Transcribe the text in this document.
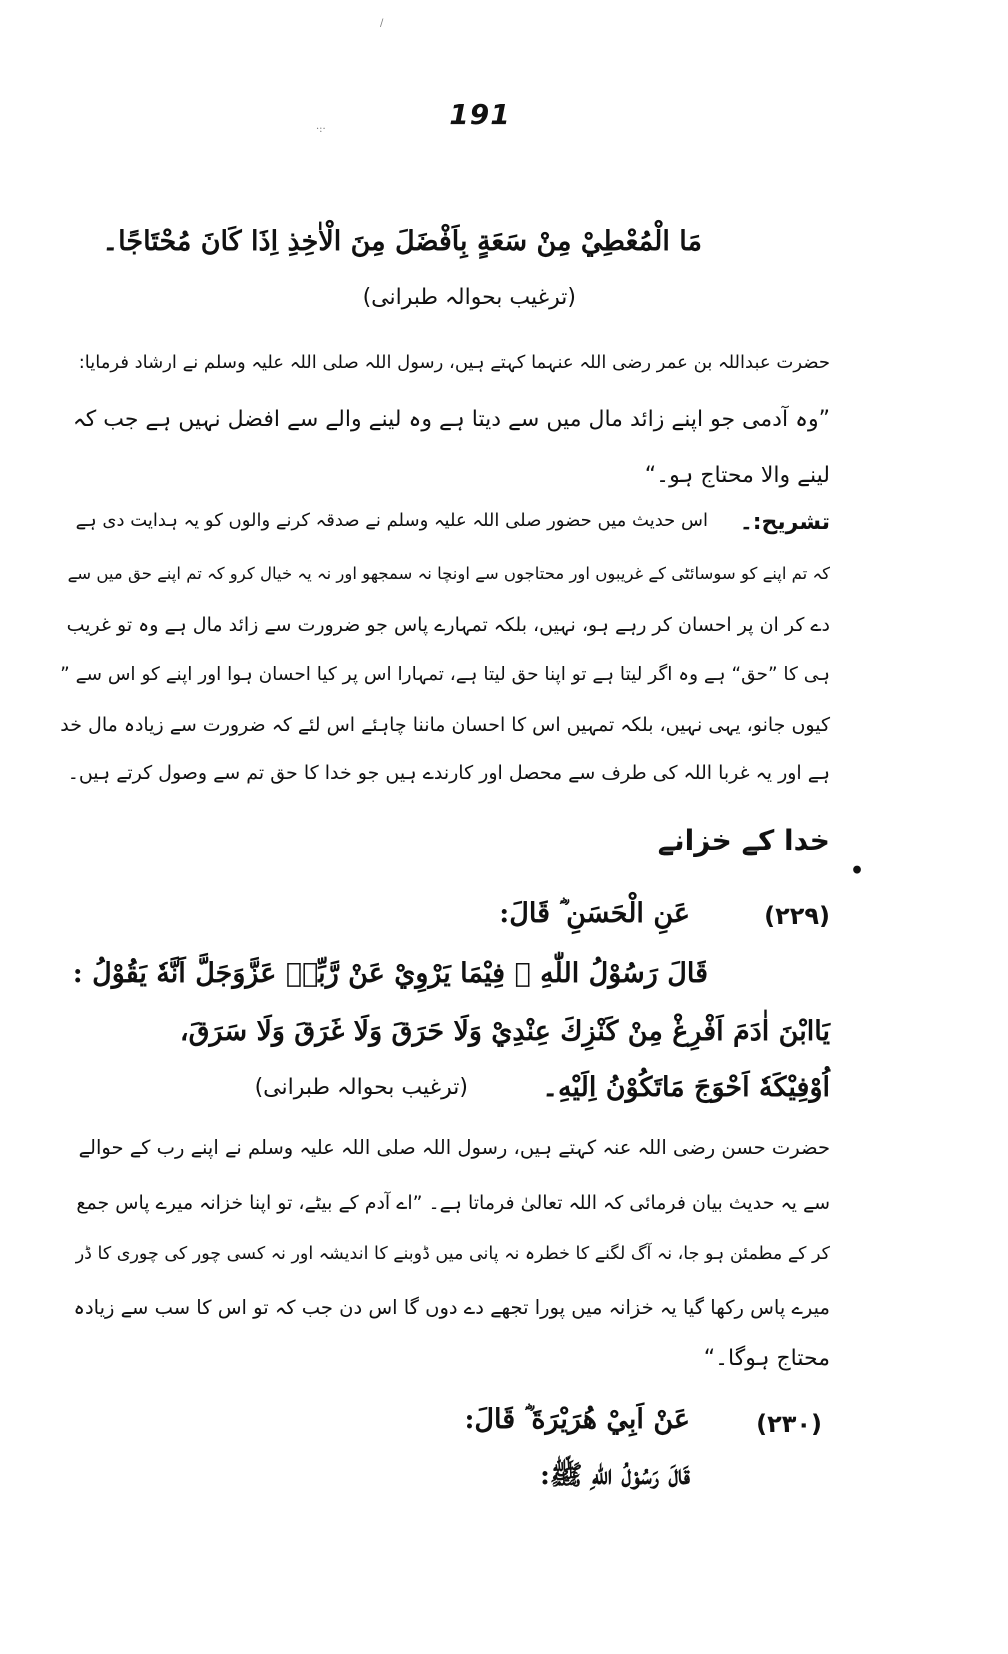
191
/
·:·
مَا الْمُعْطِيْ مِنْ سَعَةٍ بِاَفْضَلَ مِنَ الْاٰخِذِ اِذَا كَانَ مُحْتَاجًا۔
(ترغیب بحوالہ طبرانی)
حضرت عبداللہ بن عمر رضی اللہ عنہما کہتے ہیں، رسول اللہ صلی اللہ علیہ وسلم نے ارشاد فرمایا:
”وہ آدمی جو اپنے زائد مال میں سے دیتا ہے وہ لینے والے سے افضل نہیں ہے جب کہ
لینے والا محتاج ہو۔“
تشریح:۔
اس حدیث میں حضور صلی اللہ علیہ وسلم نے صدقہ کرنے والوں کو یہ ہدایت دی ہے
کہ تم اپنے کو سوسائٹی کے غریبوں اور محتاجوں سے اونچا نہ سمجھو اور نہ یہ خیال کرو کہ تم اپنے حق میں سے
دے کر ان پر احسان کر رہے ہو، نہیں، بلکہ تمہارے پاس جو ضرورت سے زائد مال ہے وہ تو غریب
ہی کا ”حق“ ہے وہ اگر لیتا ہے تو اپنا حق لیتا ہے، تمہارا اس پر کیا احسان ہوا اور اپنے کو اس سے ”
کیوں جانو، یہی نہیں، بلکہ تمہیں اس کا احسان ماننا چاہئے اس لئے کہ ضرورت سے زیادہ مال خد
ہے اور یہ غربا اللہ کی طرف سے محصل اور کارندے ہیں جو خدا کا حق تم سے وصول کرتے ہیں۔
•
خدا کے خزانے
(۲۲۹)
عَنِ الْحَسَنِ ؓ قَالَ:
قَالَ رَسُوْلُ اللّٰهِ ﷺ فِيْمَا يَرْوِيْ عَنْ رَّبِّهٖ عَزَّوَجَلَّ اَنَّهٗ يَقُوْلُ :
يَاابْنَ اٰدَمَ اَفْرِغْ مِنْ كَنْزِكَ عِنْدِيْ وَلَا حَرَقَ وَلَا غَرَقَ وَلَا سَرَقَ،
اُوْفِيْكَهٗ اَحْوَجَ مَاتَكُوْنُ اِلَيْهِ۔
(ترغیب بحوالہ طبرانی)
حضرت حسن رضی اللہ عنہ کہتے ہیں، رسول اللہ صلی اللہ علیہ وسلم نے اپنے رب کے حوالے
سے یہ حدیث بیان فرمائی کہ اللہ تعالیٰ فرماتا ہے۔ ”اے آدم کے بیٹے، تو اپنا خزانہ میرے پاس جمع
کر کے مطمئن ہو جا، نہ آگ لگنے کا خطرہ نہ پانی میں ڈوبنے کا اندیشہ اور نہ کسی چور کی چوری کا ڈر
میرے پاس رکھا گیا یہ خزانہ میں پورا تجھے دے دوں گا اس دن جب کہ تو اس کا سب سے زیادہ
محتاج ہوگا۔“
(۲۳۰)
عَنْ اَبِيْ هُرَيْرَةَ ؓ قَالَ:
قَالَ رَسُوْلُ اللّٰهِ ﷺ:
